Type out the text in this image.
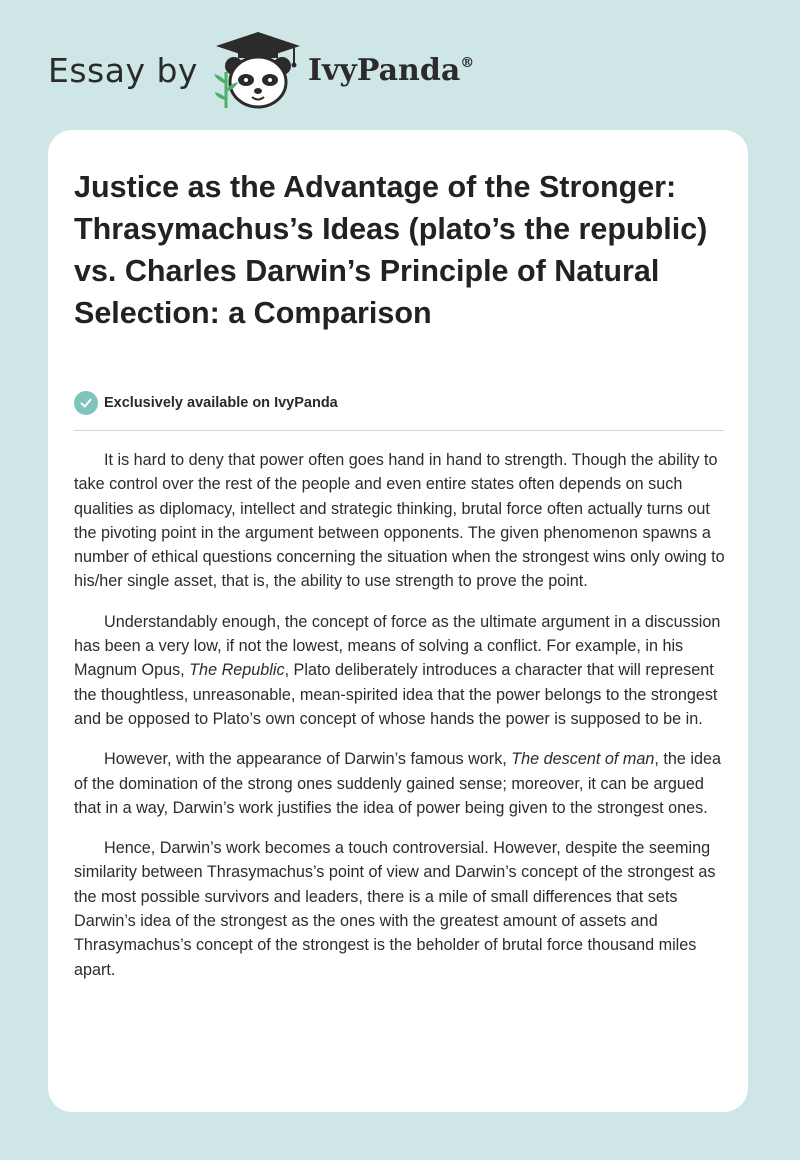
Essay by	IvyPanda®
Justice as the Advantage of the Stronger: Thrasymachus’s Ideas (plato’s the republic) vs. Charles Darwin’s Principle of Natural Selection: a Comparison
Exclusively available on IvyPanda

It is hard to deny that power often goes hand in hand to strength. Though the ability to take control over the rest of the people and even entire states often depends on such qualities as diplomacy, intellect and strategic thinking, brutal force often actually turns out the pivoting point in the argument between opponents. The given phenomenon spawns a number of ethical questions concerning the situation when the strongest wins only owing to his/her single asset, that is, the ability to use strength to prove the point.

Understandably enough, the concept of force as the ultimate argument in a discussion has been a very low, if not the lowest, means of solving a conflict. For example, in his Magnum Opus, The Republic, Plato deliberately introduces a character that will represent the thoughtless, unreasonable, mean-spirited idea that the power belongs to the strongest and be opposed to Plato’s own concept of whose hands the power is supposed to be in.

However, with the appearance of Darwin’s famous work, The descent of man, the idea of the domination of the strong ones suddenly gained sense; moreover, it can be argued that in a way, Darwin’s work justifies the idea of power being given to the strongest ones.

Hence, Darwin’s work becomes a touch controversial. However, despite the seeming similarity between Thrasymachus’s point of view and Darwin’s concept of the strongest as the most possible survivors and leaders, there is a mile of small differences that sets Darwin’s idea of the strongest as the ones with the greatest amount of assets and Thrasymachus’s concept of the strongest is the beholder of brutal force thousand miles apart.
